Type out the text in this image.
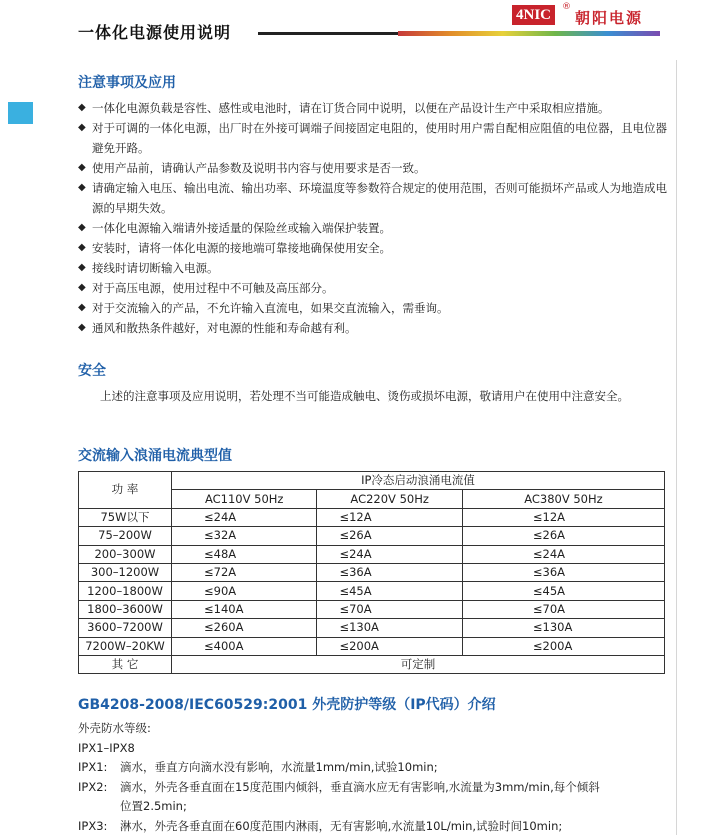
一体化电源使用说明
4NIC	®
朝阳电源
注意事项及应用
◆ 一体化电源负载是容性、感性或电池时，请在订货合同中说明，以便在产品设计生产中采取相应措施。
◆ 对于可调的一体化电源，出厂时在外接可调端子间接固定电阻的，使用时用户需自配相应阻值的电位器，且电位器避免开路。
◆ 使用产品前，请确认产品参数及说明书内容与使用要求是否一致。
◆ 请确定输入电压、输出电流、输出功率、环境温度等参数符合规定的使用范围，否则可能损坏产品或人为地造成电源的早期失效。
◆ 一体化电源输入端请外接适量的保险丝或输入端保护装置。
◆ 安装时，请将一体化电源的接地端可靠接地确保使用安全。
◆ 接线时请切断输入电源。
◆ 对于高压电源，使用过程中不可触及高压部分。
◆ 对于交流输入的产品，不允许输入直流电，如果交直流输入，需垂询。
◆ 通风和散热条件越好，对电源的性能和寿命越有利。
安全

上述的注意事项及应用说明，若处理不当可能造成触电、烫伤或损坏电源，敬请用户在使用中注意安全。

交流输入浪涌电流典型值
功 率	IP冷态启动浪涌电流值		
	AC110V 50Hz	AC220V 50Hz	AC380V 50Hz
75W以下	≤24A	≤12A	≤12A
75–200W	≤32A	≤26A	≤26A
200–300W	≤48A	≤24A	≤24A
300–1200W	≤72A	≤36A	≤36A
1200–1800W	≤90A	≤45A	≤45A
1800–3600W	≤140A	≤70A	≤70A
3600–7200W	≤260A	≤130A	≤130A
7200W–20KW	≤400A	≤200A	≤200A
其 它	可定制		
GB4208-2008/IEC60529:2001 外壳防护等级（IP代码）介绍
外壳防水等级:
IPX1–IPX8
IPX1: 滴水，垂直方向滴水没有影响，水流量1mm/min,试验10min;
IPX2: 滴水，外壳各垂直面在15度范围内倾斜，垂直滴水应无有害影响,水流量为3mm/min,每个倾斜
位置2.5min;
IPX3: 淋水，外壳各垂直面在60度范围内淋雨，无有害影响,水流量10L/min,试验时间10min;
